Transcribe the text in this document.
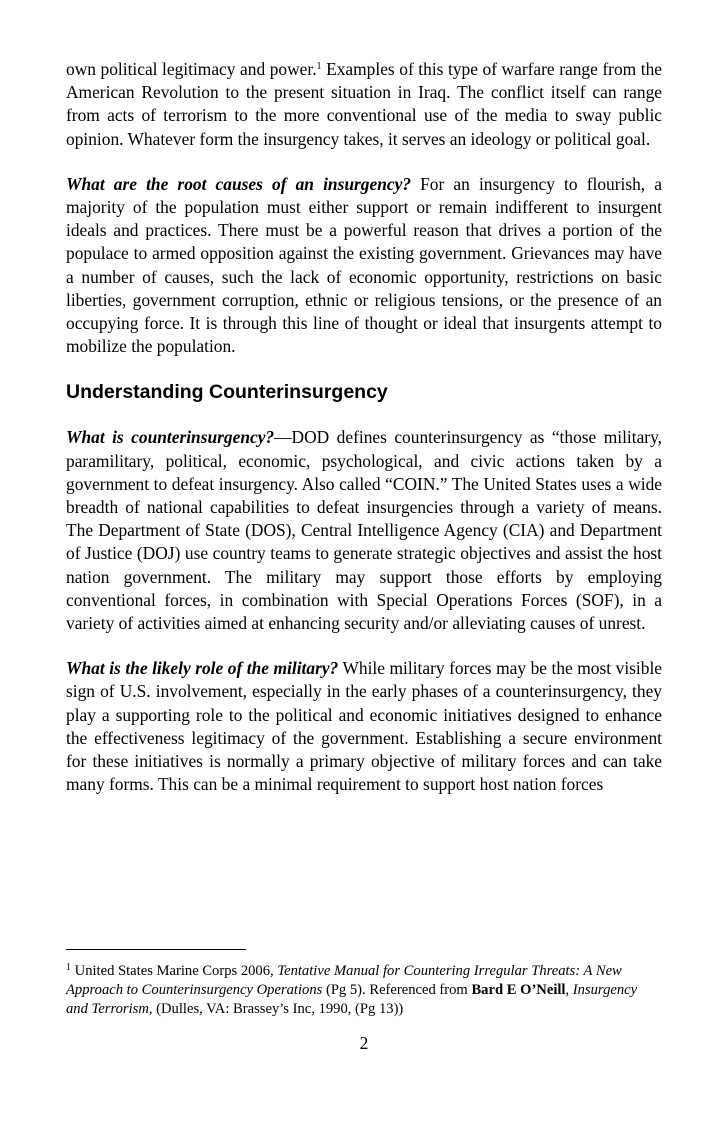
own political legitimacy and power.$^1$ Examples of this type of warfare range from the American Revolution to the present situation in Iraq. The conflict itself can range from acts of terrorism to the more conventional use of the media to sway public opinion. Whatever form the insurgency takes, it serves an ideology or political goal.

What are the root causes of an insurgency? For an insurgency to flourish, a majority of the population must either support or remain indifferent to insurgent ideals and practices. There must be a powerful reason that drives a portion of the populace to armed opposition against the existing government. Grievances may have a number of causes, such the lack of economic opportunity, restrictions on basic liberties, government corruption, ethnic or religious tensions, or the presence of an occupying force. It is through this line of thought or ideal that insurgents attempt to mobilize the population.

Understanding Counterinsurgency

What is counterinsurgency?—DOD defines counterinsurgency as “those military, paramilitary, political, economic, psychological, and civic actions taken by a government to defeat insurgency. Also called “COIN.” The United States uses a wide breadth of national capabilities to defeat insurgencies through a variety of means. The Department of State (DOS), Central Intelligence Agency (CIA) and Department of Justice (DOJ) use country teams to generate strategic objectives and assist the host nation government. The military may support those efforts by employing conventional forces, in combination with Special Operations Forces (SOF), in a variety of activities aimed at enhancing security and/or alleviating causes of unrest.

What is the likely role of the military? While military forces may be the most visible sign of U.S. involvement, especially in the early phases of a counterinsurgency, they play a supporting role to the political and economic initiatives designed to enhance the effectiveness legitimacy of the government. Establishing a secure environment for these initiatives is normally a primary objective of military forces and can take many forms. This can be a minimal requirement to support host nation forces

$^1$ United States Marine Corps 2006, Tentative Manual for Countering Irregular Threats: A New Approach to Counterinsurgency Operations (Pg 5). Referenced from Bard E O’Neill, Insurgency and Terrorism, (Dulles, VA: Brassey’s Inc, 1990, (Pg 13))
2
